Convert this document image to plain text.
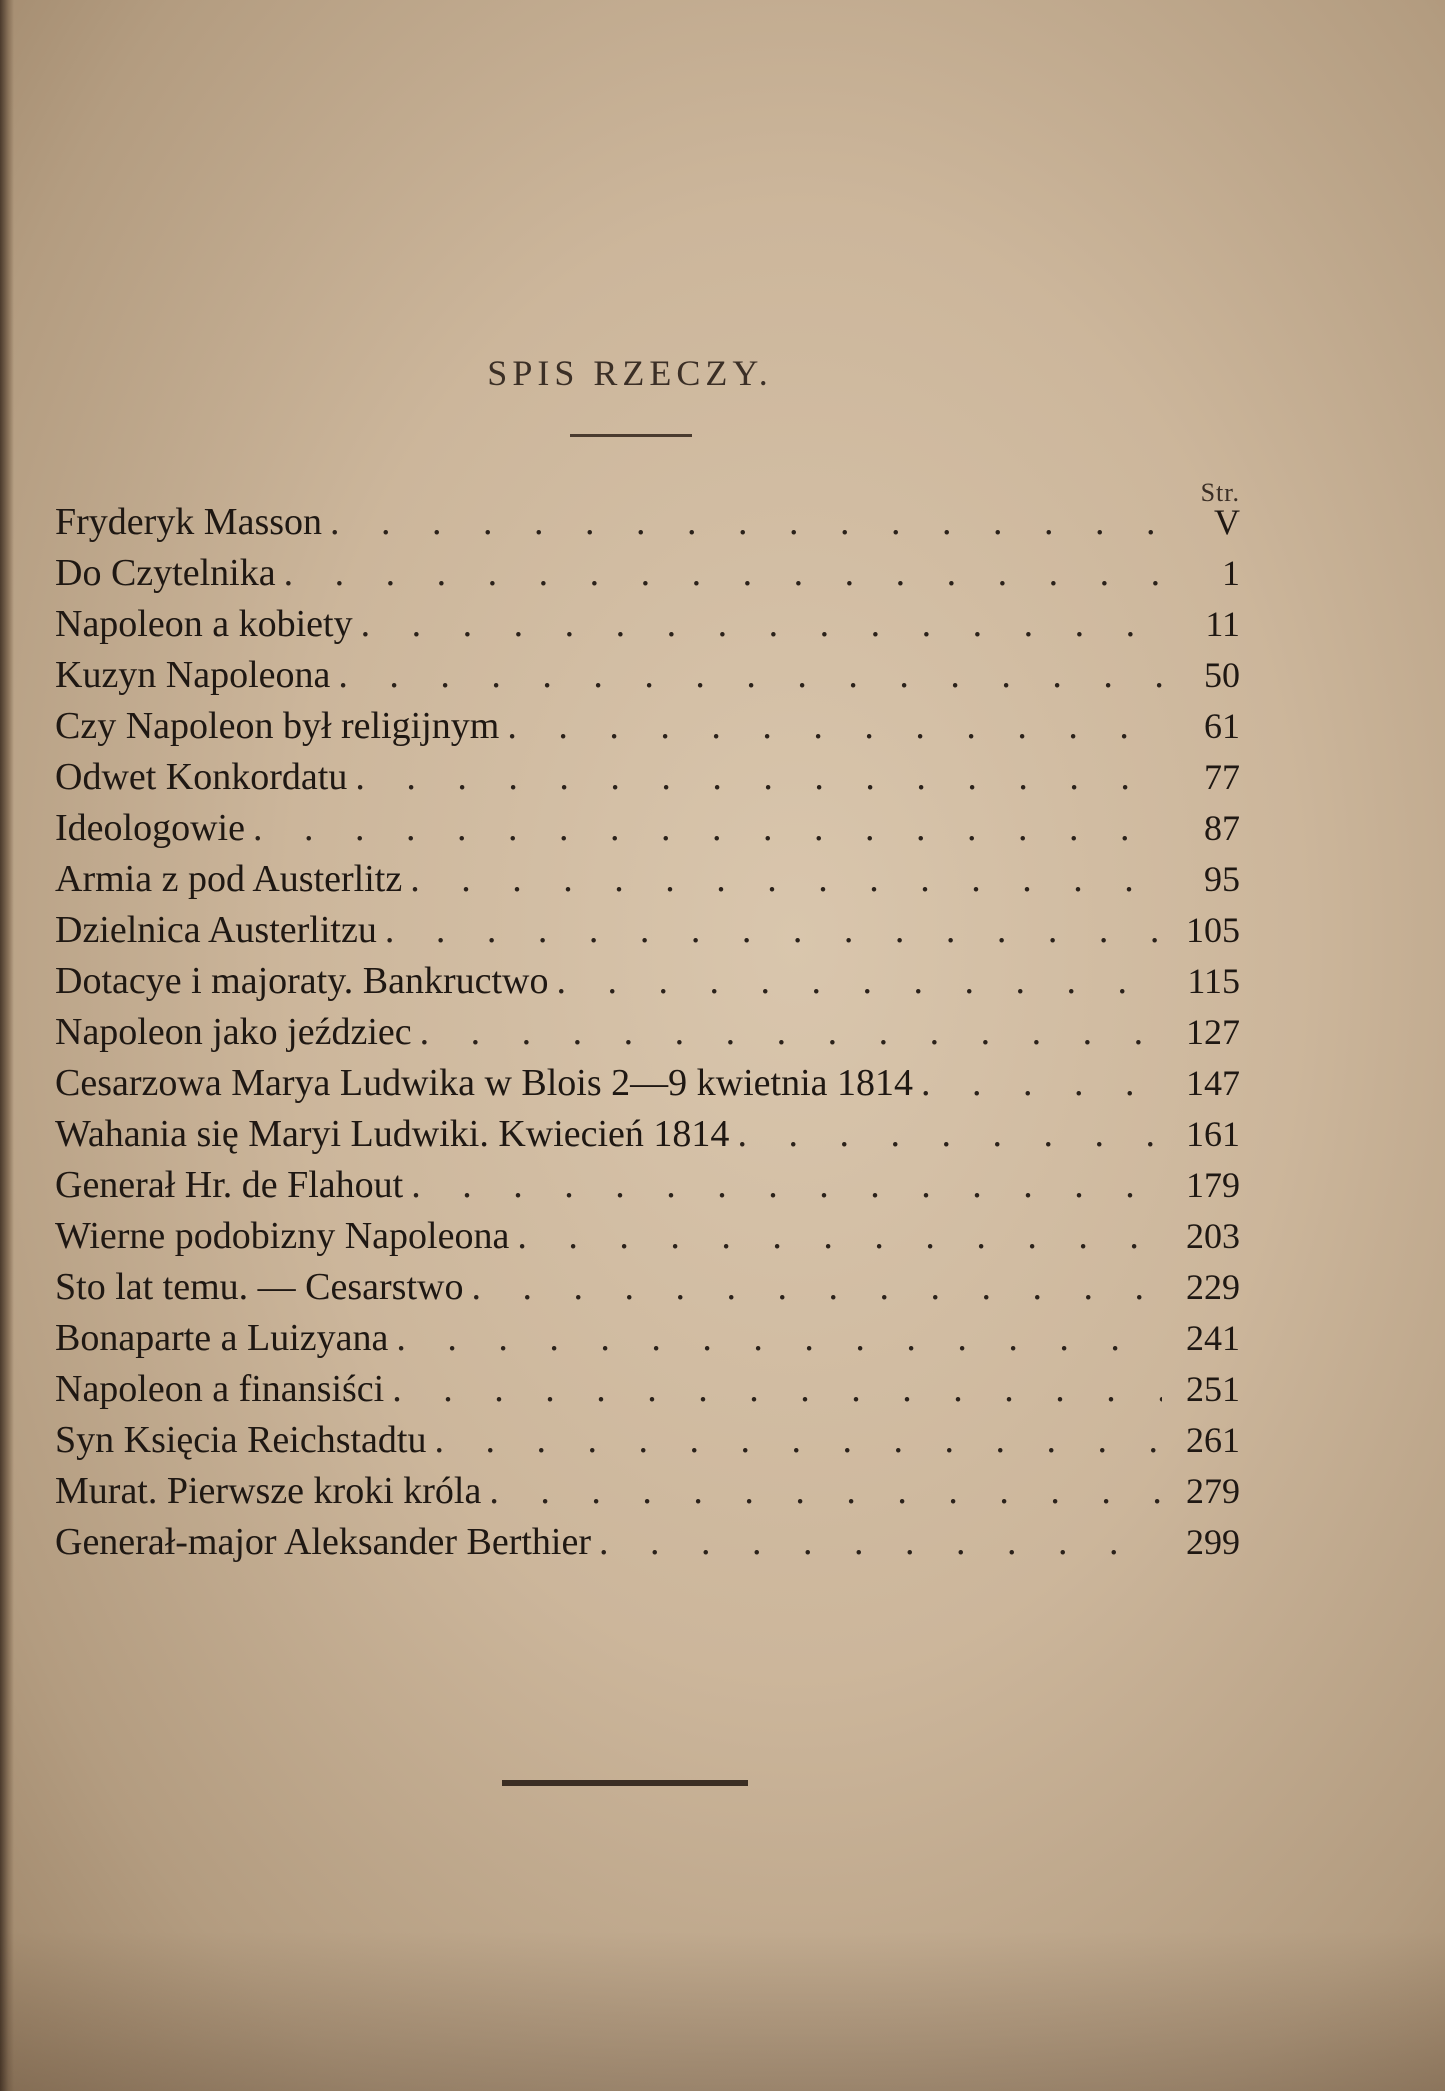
SPIS RZECZY.
Str.
Fryderyk Masson . . .	V
Do Czytelnika . . .	1
Napoleon a kobiety . . .	11
Kuzyn Napoleona . . .	50
Czy Napoleon był religijnym . . .	61
Odwet Konkordatu . . .	77
Ideologowie . . .	87
Armia z pod Austerlitz . . .	95
Dzielnica Austerlitzu . . .	105
Dotacye i majoraty. Bankructwo . . .	115
Napoleon jako jeździec . . .	127
Cesarzowa Marya Ludwika w Blois 2—9 kwietnia 1814 . . .	147
Wahania się Maryi Ludwiki. Kwiecień 1814 . . .	161
Generał Hr. de Flahout . . .	179
Wierne podobizny Napoleona . . .	203
Sto lat temu. — Cesarstwo . . .	229
Bonaparte a Luizyana . . .	241
Napoleon a finansiści . . .	251
Syn Księcia Reichstadtu . . .	261
Murat. Pierwsze kroki króla . . .	279
Generał-major Aleksander Berthier . . .	299
